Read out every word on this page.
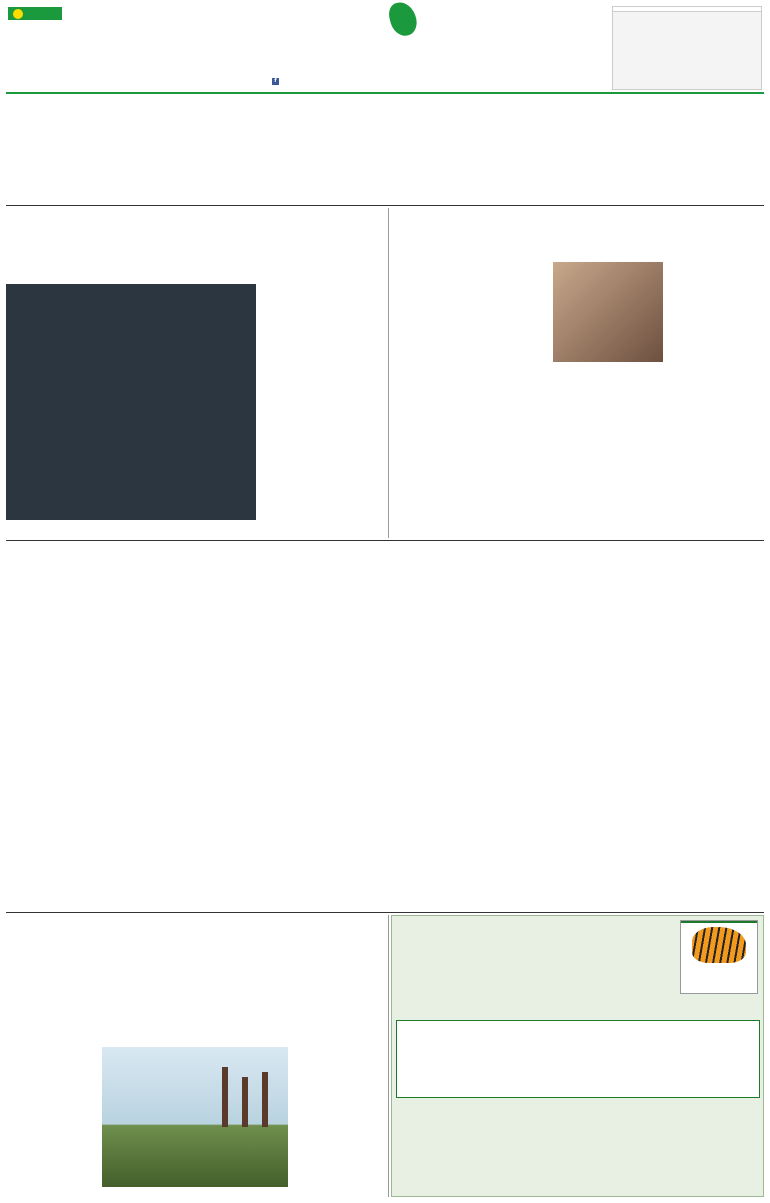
f
